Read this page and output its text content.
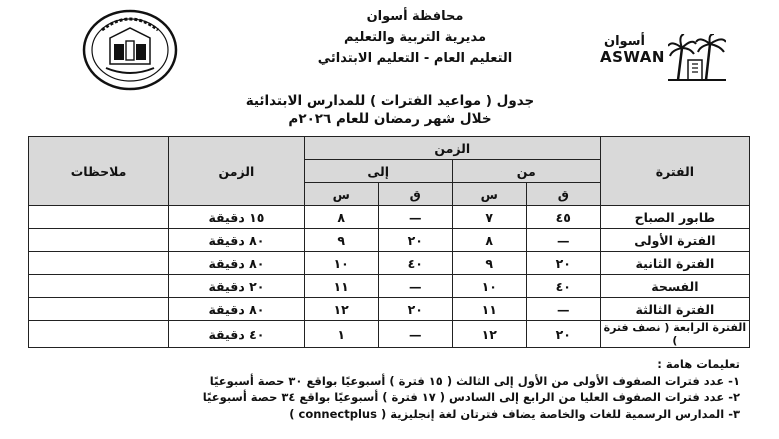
محافظة أسوان
مديرية التربية والتعليم
التعليم العام - التعليم الابتدائي
أسوان
ASWAN
جدول ( مواعيد الفترات ) للمدارس الابتدائية
خلال شهر رمضان للعام ٢٠٢٦م
الفترة	الزمن				الزمن	ملاحظات
	من		إلى			
	ق	س	ق	س		
طابور الصباح	٤٥	٧	—	٨	١٥ دقيقة	
الفترة الأولى	—	٨	٢٠	٩	٨٠ دقيقة	
الفترة الثانية	٢٠	٩	٤٠	١٠	٨٠ دقيقة	
الفسحة	٤٠	١٠	—	١١	٢٠ دقيقة	
الفترة الثالثة	—	١١	٢٠	١٢	٨٠ دقيقة	
الفترة الرابعة ( نصف فترة )	٢٠	١٢	—	١	٤٠ دقيقة	
تعليمات هامة :
١- عدد فترات الصفوف الأولى من الأول إلى الثالث ( ١٥ فترة ) أسبوعيًا بواقع ٣٠ حصة أسبوعيًا
٢- عدد فترات الصفوف العليا من الرابع إلى السادس ( ١٧ فترة ) أسبوعيًا بواقع ٣٤ حصة أسبوعيًا
٣- المدارس الرسمية للغات والخاصة يضاف فترتان لغة إنجليزية ( connectplus )
